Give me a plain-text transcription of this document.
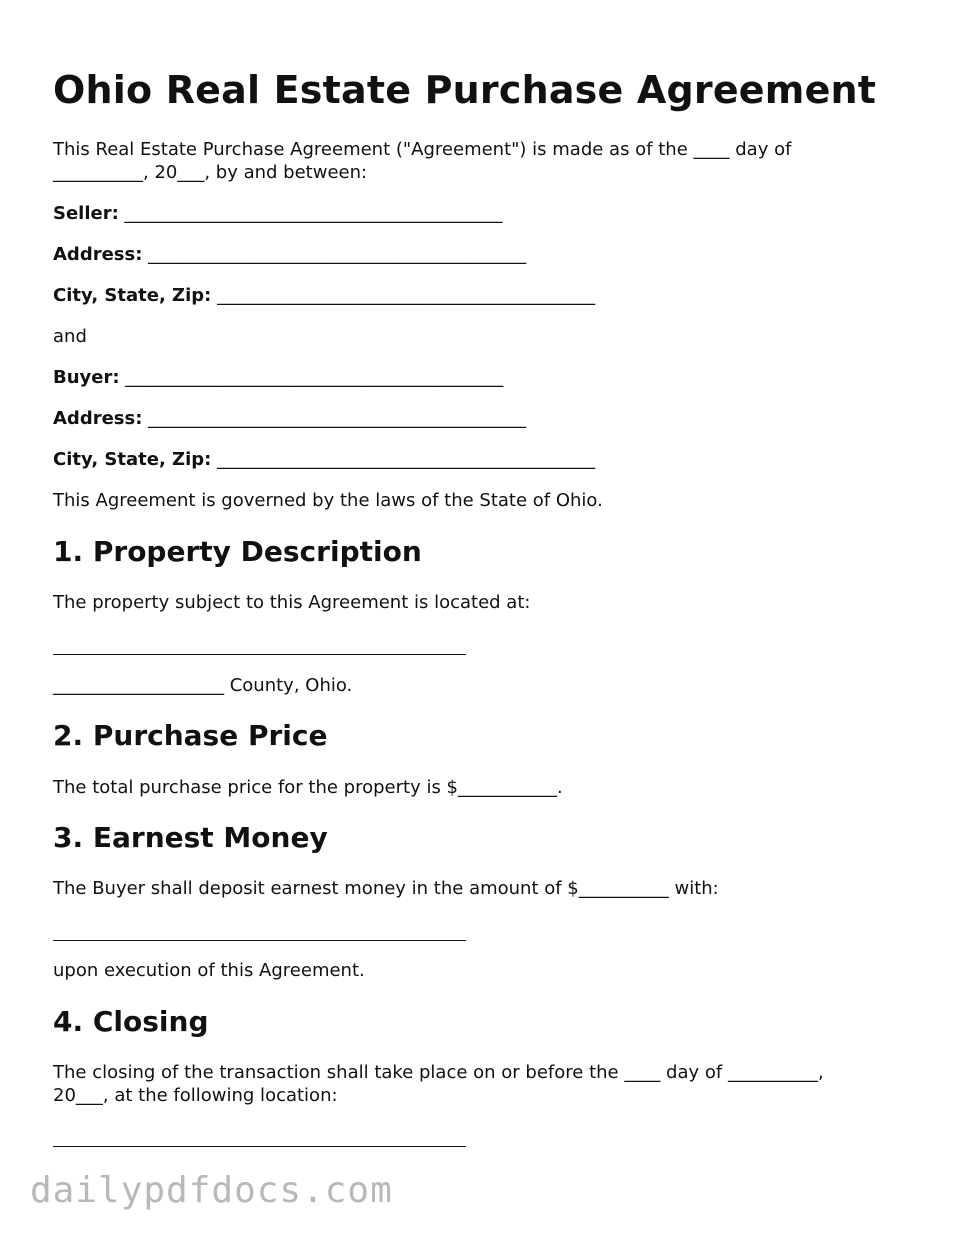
Ohio Real Estate Purchase Agreement

This Real Estate Purchase Agreement ("Agreement") is made as of the ____ day of

__________, 20___, by and between:

Seller: __________________________________________

Address: __________________________________________

City, State, Zip: __________________________________________

and

Buyer: __________________________________________

Address: __________________________________________

City, State, Zip: __________________________________________

This Agreement is governed by the laws of the State of Ohio.

1. Property Description

The property subject to this Agreement is located at:

___________________ County, Ohio.

2. Purchase Price

The total purchase price for the property is $___________.

3. Earnest Money

The Buyer shall deposit earnest money in the amount of $__________ with:

upon execution of this Agreement.

4. Closing

The closing of the transaction shall take place on or before the ____ day of __________,

20___, at the following location:

dailypdfdocs.com
